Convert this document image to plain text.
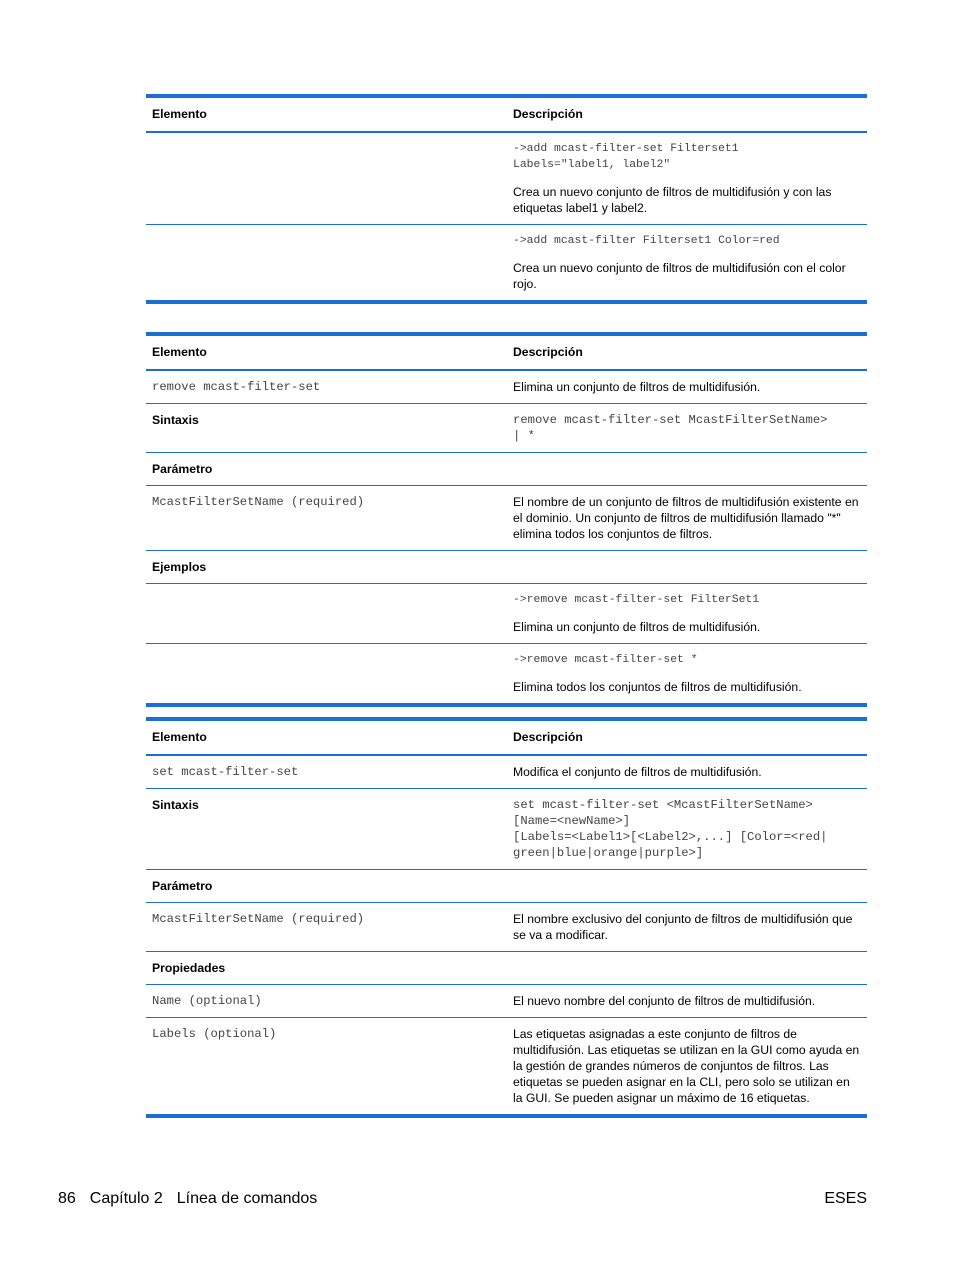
Elemento	Descripción

	->add mcast-filter-set Filterset1
Labels="label1, label2"
Crea un nuevo conjunto de filtros de multidifusión y con las etiquetas label1 y label2.

	->add mcast-filter Filterset1 Color=red
Crea un nuevo conjunto de filtros de multidifusión con el color rojo.
Elemento	Descripción
remove mcast-filter-set	Elimina un conjunto de filtros de multidifusión.
Sintaxis	remove mcast-filter-set McastFilterSetName>
| *
Parámetro	
McastFilterSetName (required)	El nombre de un conjunto de filtros de multidifusión existente en el dominio. Un conjunto de filtros de multidifusión llamado "*" elimina todos los conjuntos de filtros.
Ejemplos	

	->remove mcast-filter-set FilterSet1
Elimina un conjunto de filtros de multidifusión.

	->remove mcast-filter-set *
Elimina todos los conjuntos de filtros de multidifusión.
Elemento	Descripción
set mcast-filter-set	Modifica el conjunto de filtros de multidifusión.
Sintaxis	set mcast-filter-set <McastFilterSetName>
[Name=<newName>]
[Labels=<Label1>[<Label2>,...] [Color=<red|
green|blue|orange|purple>]
Parámetro	
McastFilterSetName (required)	El nombre exclusivo del conjunto de filtros de multidifusión que se va a modificar.
Propiedades	
Name (optional)	El nuevo nombre del conjunto de filtros de multidifusión.
Labels (optional)	Las etiquetas asignadas a este conjunto de filtros de multidifusión. Las etiquetas se utilizan en la GUI como ayuda en la gestión de grandes números de conjuntos de filtros. Las etiquetas se pueden asignar en la CLI, pero solo se utilizan en la GUI. Se pueden asignar un máximo de 16 etiquetas.
86 Capítulo 2 Línea de comandos	ESES
